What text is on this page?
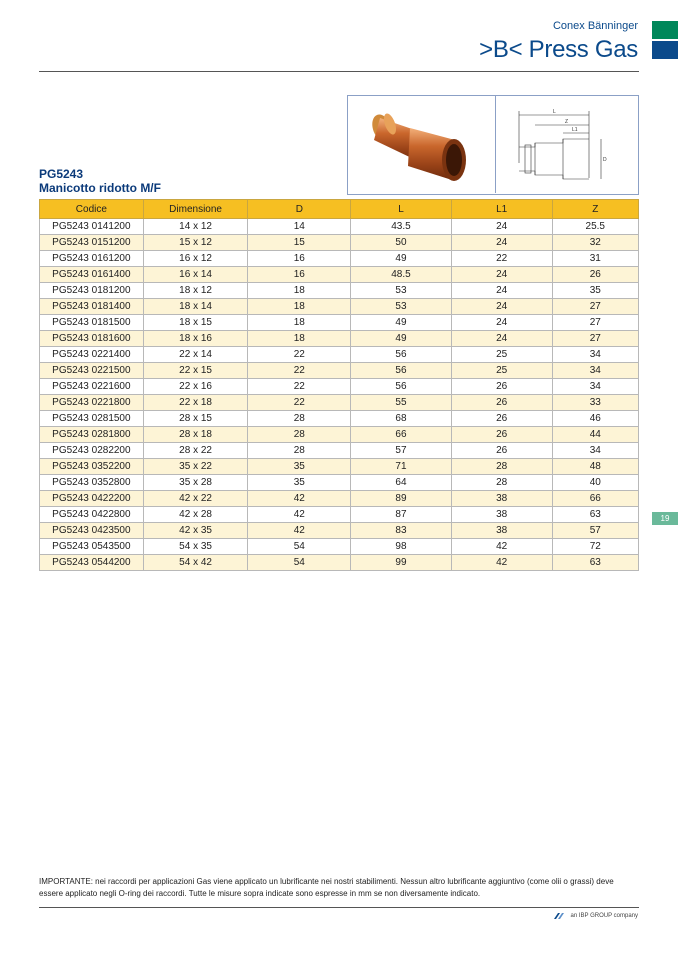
Conex Bänninger
>B< Press Gas
L
Z
L1
D
PG5243
Manicotto ridotto M/F
Codice	Dimensione	D	L	L1	Z
PG5243 0141200	14 x 12	14	43.5	24	25.5
PG5243 0151200	15 x 12	15	50	24	32
PG5243 0161200	16 x 12	16	49	22	31
PG5243 0161400	16 x 14	16	48.5	24	26
PG5243 0181200	18 x 12	18	53	24	35
PG5243 0181400	18 x 14	18	53	24	27
PG5243 0181500	18 x 15	18	49	24	27
PG5243 0181600	18 x 16	18	49	24	27
PG5243 0221400	22 x 14	22	56	25	34
PG5243 0221500	22 x 15	22	56	25	34
PG5243 0221600	22 x 16	22	56	26	34
PG5243 0221800	22 x 18	22	55	26	33
PG5243 0281500	28 x 15	28	68	26	46
PG5243 0281800	28 x 18	28	66	26	44
PG5243 0282200	28 x 22	28	57	26	34
PG5243 0352200	35 x 22	35	71	28	48
PG5243 0352800	35 x 28	35	64	28	40
PG5243 0422200	42 x 22	42	89	38	66
PG5243 0422800	42 x 28	42	87	38	63
PG5243 0423500	42 x 35	42	83	38	57
PG5243 0543500	54 x 35	54	98	42	72
PG5243 0544200	54 x 42	54	99	42	63
19
IMPORTANTE: nei raccordi per applicazioni Gas viene applicato un lubrificante nei nostri stabilimenti. Nessun altro lubrificante aggiuntivo (come olii o grassi) deve essere applicato negli O-ring dei raccordi. Tutte le misure sopra indicate sono espresse in mm se non diversamente indicato.
an IBP GROUP company
